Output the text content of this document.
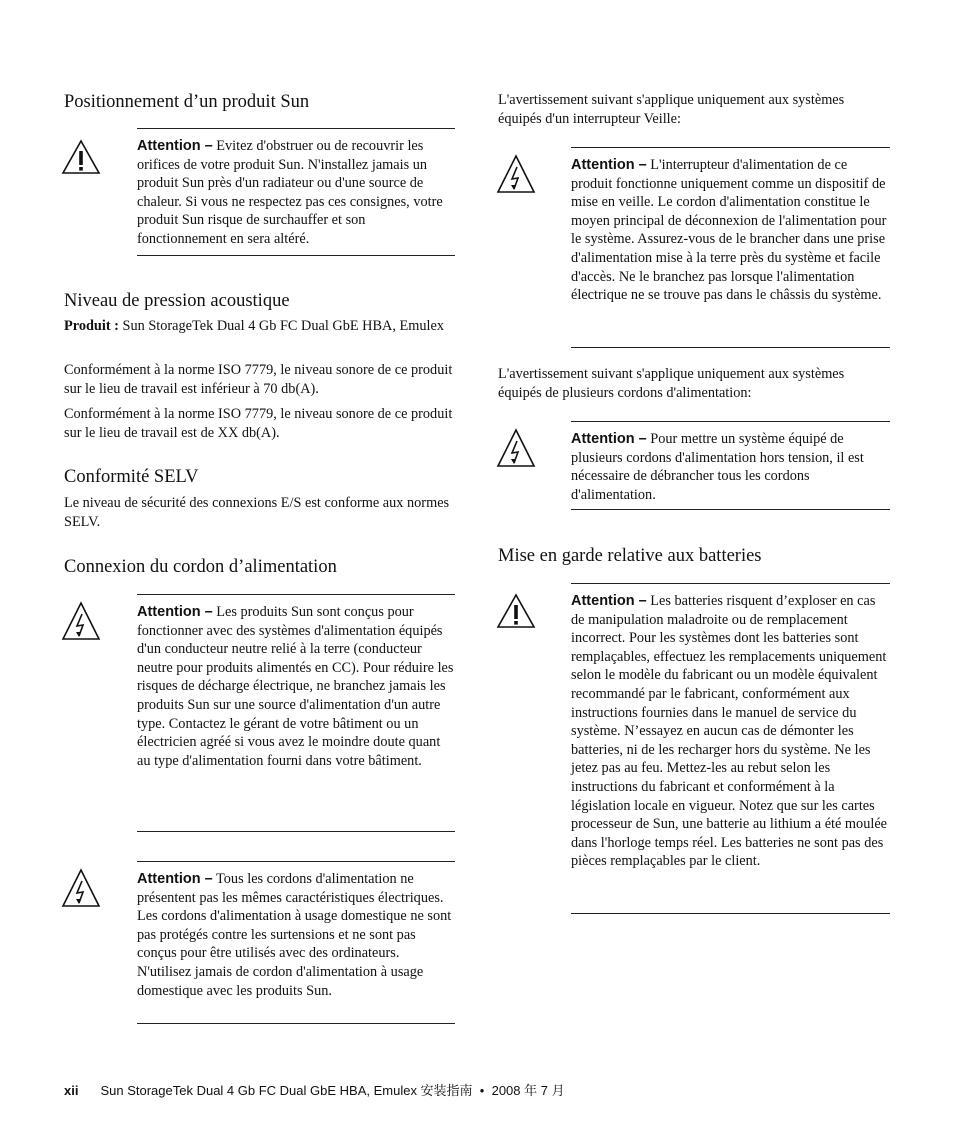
Positionnement d’un produit Sun
Attention – Evitez d'obstruer ou de recouvrir les orifices de votre produit Sun. N'installez jamais un produit Sun près d'un radiateur ou d'une source de chaleur. Si vous ne respectez pas ces consignes, votre produit Sun risque de surchauffer et son fonctionnement en sera altéré.
Niveau de pression acoustique
Produit : Sun StorageTek Dual 4 Gb FC Dual GbE HBA, Emulex
Conformément à la norme ISO 7779, le niveau sonore de ce produit sur le lieu de travail est inférieur à 70 db(A).
Conformément à la norme ISO 7779, le niveau sonore de ce produit sur le lieu de travail est de XX db(A).
Conformité SELV
Le niveau de sécurité des connexions E/S est conforme aux normes SELV.
Connexion du cordon d’alimentation
Attention – Les produits Sun sont conçus pour fonctionner avec des systèmes d'alimentation équipés d'un conducteur neutre relié à la terre (conducteur neutre pour produits alimentés en CC). Pour réduire les risques de décharge électrique, ne branchez jamais les produits Sun sur une source d'alimentation d'un autre type. Contactez le gérant de votre bâtiment ou un électricien agréé si vous avez le moindre doute quant au type d'alimentation fourni dans votre bâtiment.
Attention – Tous les cordons d'alimentation ne présentent pas les mêmes caractéristiques électriques. Les cordons d'alimentation à usage domestique ne sont pas protégés contre les surtensions et ne sont pas conçus pour être utilisés avec des ordinateurs. N'utilisez jamais de cordon d'alimentation à usage domestique avec les produits Sun.
L'avertissement suivant s'applique uniquement aux systèmes équipés d'un interrupteur Veille:
Attention – L'interrupteur d'alimentation de ce produit fonctionne uniquement comme un dispositif de mise en veille. Le cordon d'alimentation constitue le moyen principal de déconnexion de l'alimentation pour le système. Assurez-vous de le brancher dans une prise d'alimentation mise à la terre près du système et facile d'accès. Ne le branchez pas lorsque l'alimentation électrique ne se trouve pas dans le châssis du système.
L'avertissement suivant s'applique uniquement aux systèmes équipés de plusieurs cordons d'alimentation:
Attention – Pour mettre un système équipé de plusieurs cordons d'alimentation hors tension, il est nécessaire de débrancher tous les cordons d'alimentation.
Mise en garde relative aux batteries
Attention – Les batteries risquent d’exploser en cas de manipulation maladroite ou de remplacement incorrect. Pour les systèmes dont les batteries sont remplaçables, effectuez les remplacements uniquement selon le modèle du fabricant ou un modèle équivalent recommandé par le fabricant, conformément aux instructions fournies dans le manuel de service du système. N’essayez en aucun cas de démonter les batteries, ni de les recharger hors du système. Ne les jetez pas au feu. Mettez-les au rebut selon les instructions du fabricant et conformément à la législation locale en vigueur. Notez que sur les cartes processeur de Sun, une batterie au lithium a été moulée dans l'horloge temps réel. Les batteries ne sont pas des pièces remplaçables par le client.
xii Sun StorageTek Dual 4 Gb FC Dual GbE HBA, Emulex 安装指南 • 2008 年 7 月
